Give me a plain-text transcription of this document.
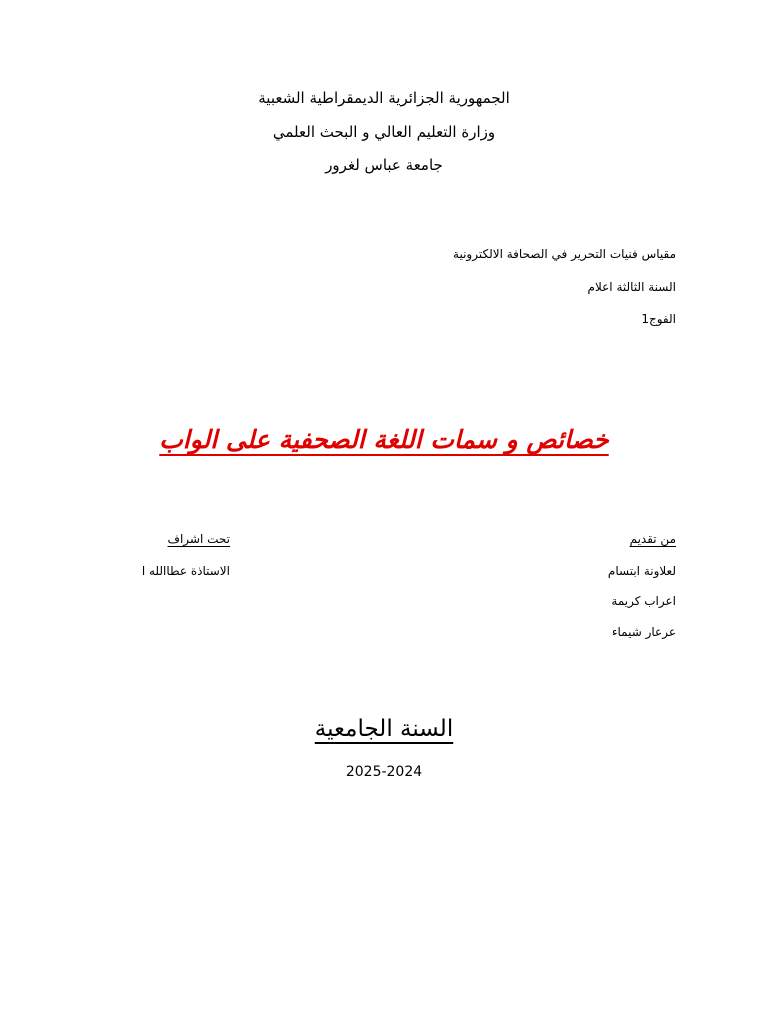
الجمهورية الجزائرية الديمقراطية الشعبية
وزارة التعليم العالي و البحث العلمي
جامعة عباس لغرور
مقياس فنيات التحرير في الصحافة الالكترونية
السنة الثالثة اعلام
الفوج1
خصائص و سمات اللغة الصحفية على الواب
من تقديم
لعلاونة ابتسام
اعراب كريمة
عرعار شيماء
تحت اشراف
الاستاذة عطاالله ا
السنة الجامعية
2025-2024
